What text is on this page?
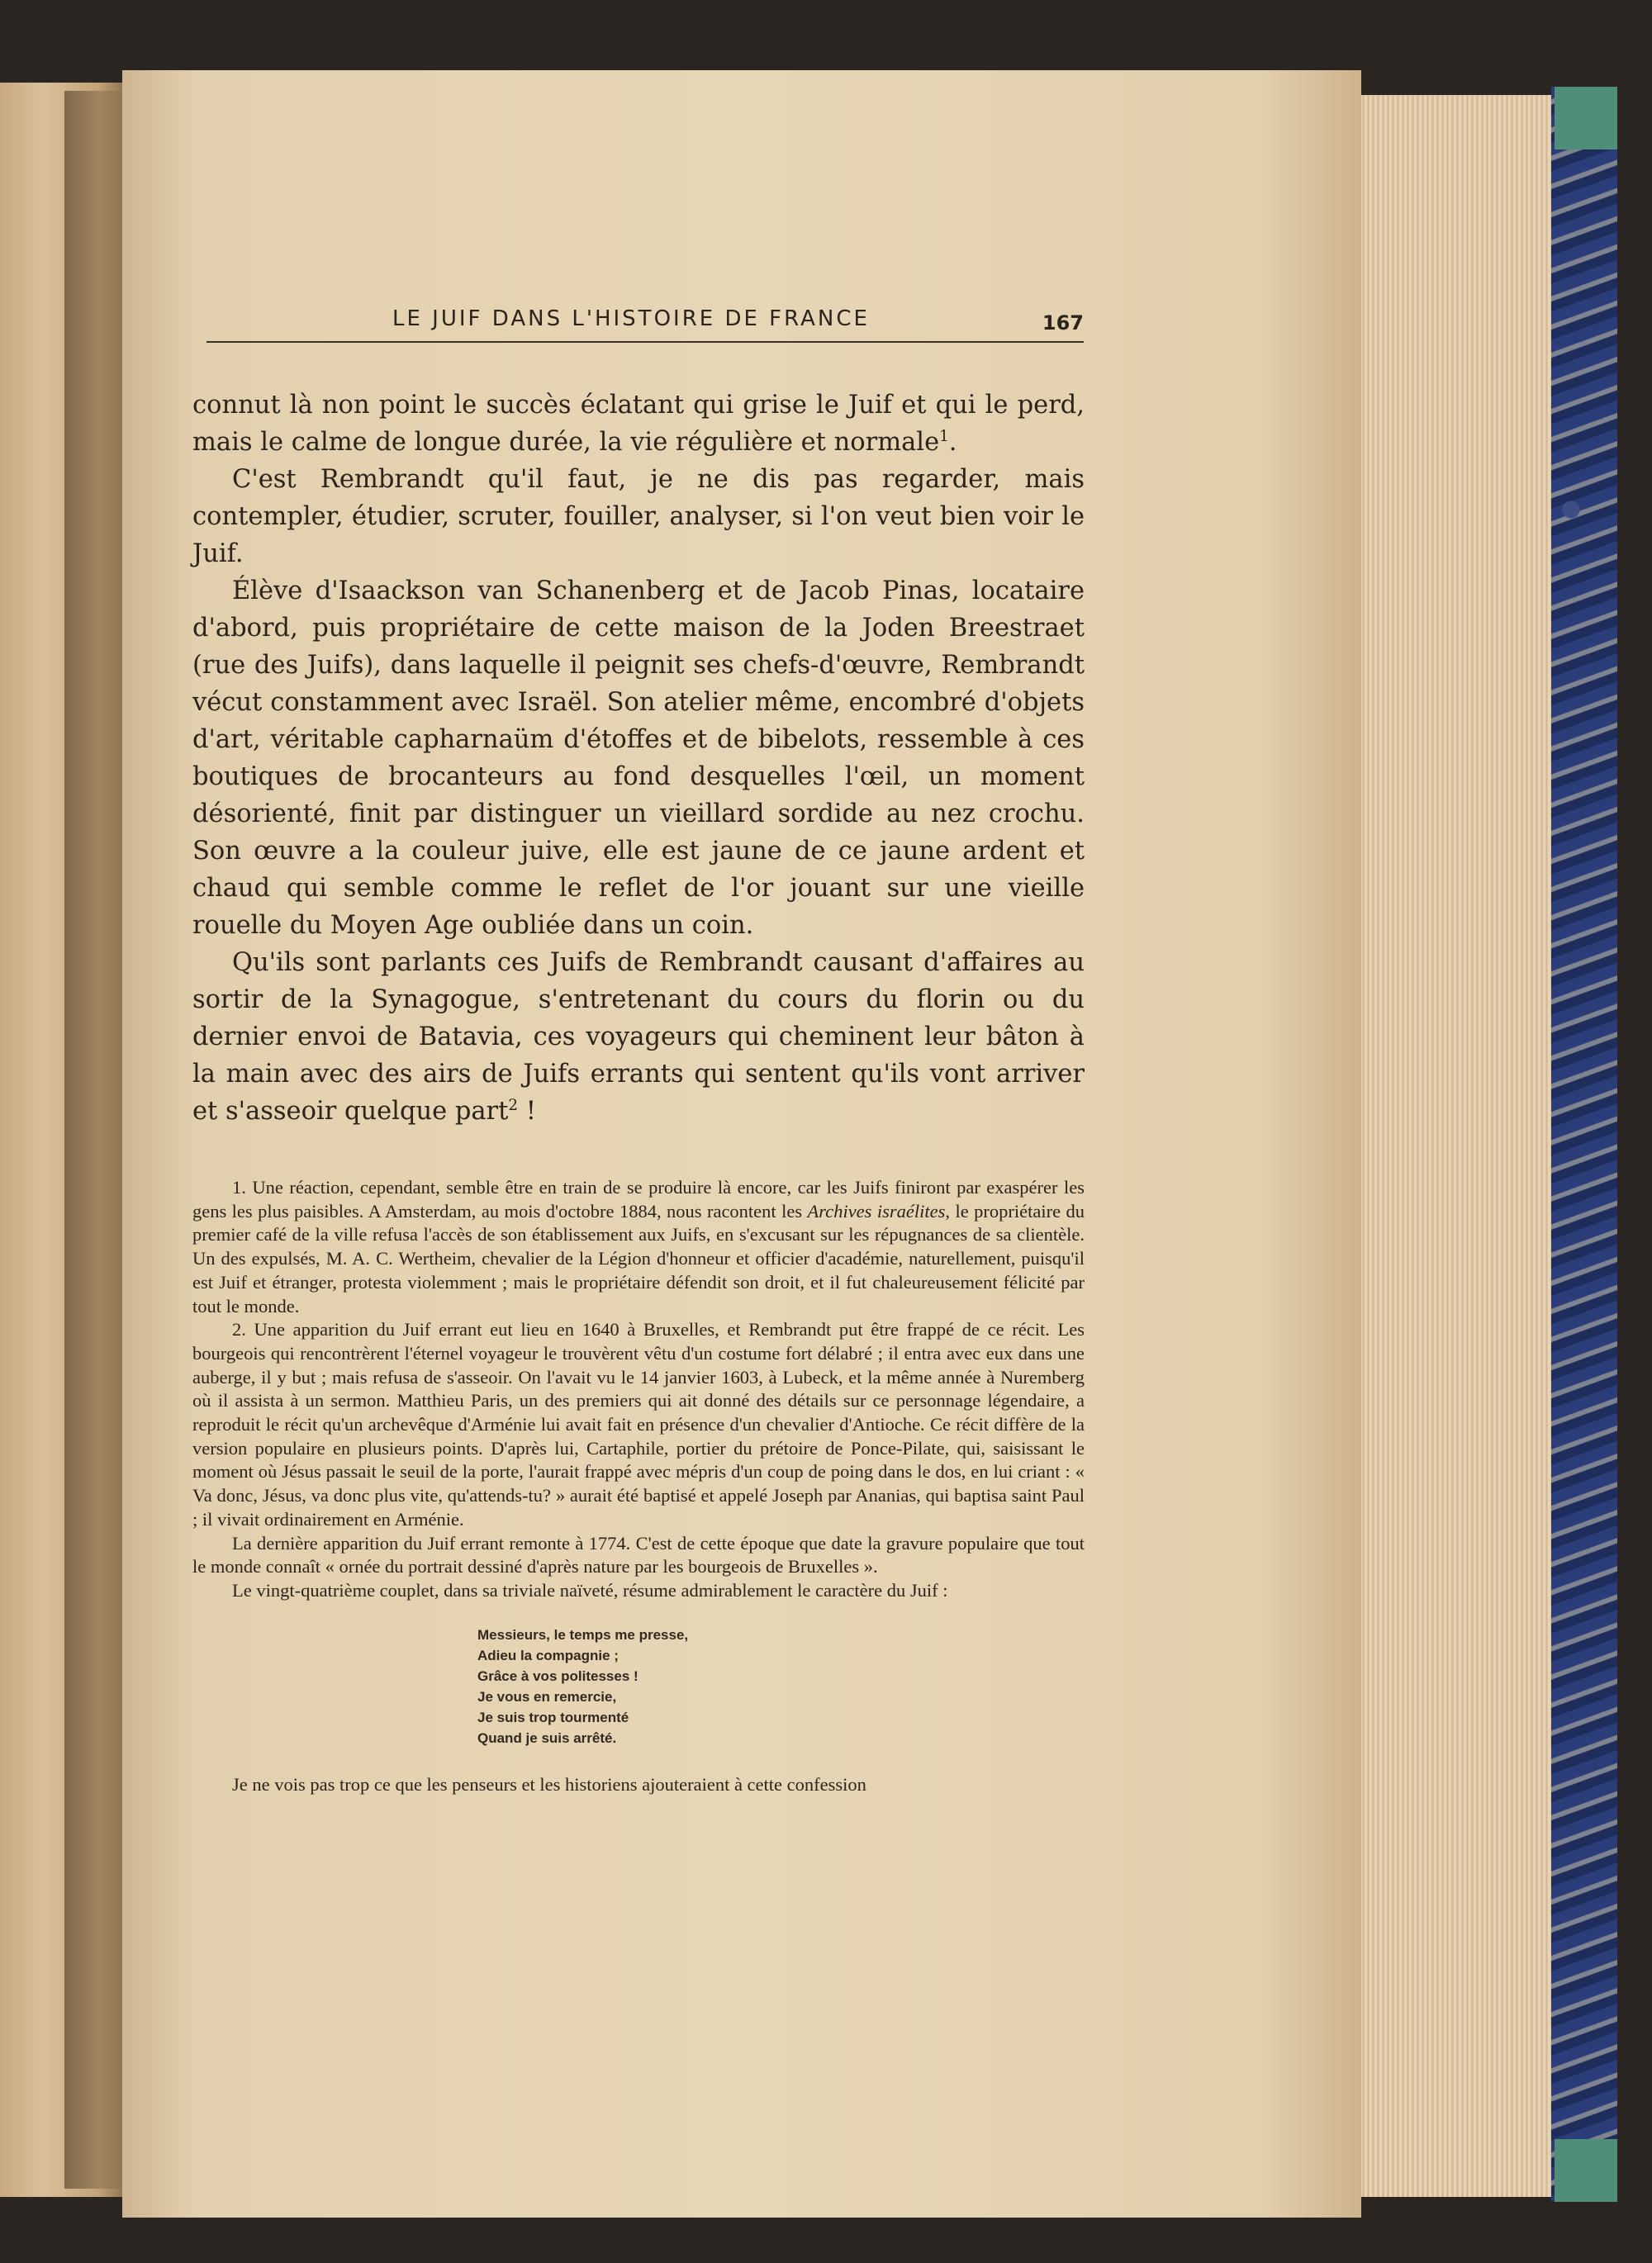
LE JUIF DANS L'HISTOIRE DE FRANCE	167

connut là non point le succès éclatant qui grise le Juif et qui le perd, mais le calme de longue durée, la vie régulière et normale$^1$.

C'est Rembrandt qu'il faut, je ne dis pas regarder, mais contempler, étudier, scruter, fouiller, analyser, si l'on veut bien voir le Juif.

Élève d'Isaackson van Schanenberg et de Jacob Pinas, locataire d'abord, puis propriétaire de cette maison de la Joden Breestraet (rue des Juifs), dans laquelle il peignit ses chefs-d'œuvre, Rembrandt vécut constamment avec Israël. Son atelier même, encombré d'objets d'art, véritable capharnaüm d'étoffes et de bibelots, ressemble à ces boutiques de brocanteurs au fond desquelles l'œil, un moment désorienté, finit par distinguer un vieillard sordide au nez crochu. Son œuvre a la couleur juive, elle est jaune de ce jaune ardent et chaud qui semble comme le reflet de l'or jouant sur une vieille rouelle du Moyen Age oubliée dans un coin.

Qu'ils sont parlants ces Juifs de Rembrandt causant d'affaires au sortir de la Synagogue, s'entretenant du cours du florin ou du dernier envoi de Batavia, ces voyageurs qui cheminent leur bâton à la main avec des airs de Juifs errants qui sentent qu'ils vont arriver et s'asseoir quelque part$^2$ !

1. Une réaction, cependant, semble être en train de se produire là encore, car les Juifs finiront par exaspérer les gens les plus paisibles. A Amsterdam, au mois d'octobre 1884, nous racontent les Archives israélites, le propriétaire du premier café de la ville refusa l'accès de son établissement aux Juifs, en s'excusant sur les répugnances de sa clientèle. Un des expulsés, M. A. C. Wertheim, chevalier de la Légion d'honneur et officier d'académie, naturellement, puisqu'il est Juif et étranger, protesta violemment ; mais le propriétaire défendit son droit, et il fut chaleureusement félicité par tout le monde.

2. Une apparition du Juif errant eut lieu en 1640 à Bruxelles, et Rembrandt put être frappé de ce récit. Les bourgeois qui rencontrèrent l'éternel voyageur le trouvèrent vêtu d'un costume fort délabré ; il entra avec eux dans une auberge, il y but ; mais refusa de s'asseoir. On l'avait vu le 14 janvier 1603, à Lubeck, et la même année à Nuremberg où il assista à un sermon. Matthieu Paris, un des premiers qui ait donné des détails sur ce personnage légendaire, a reproduit le récit qu'un archevêque d'Arménie lui avait fait en présence d'un chevalier d'Antioche. Ce récit diffère de la version populaire en plusieurs points. D'après lui, Cartaphile, portier du prétoire de Ponce-Pilate, qui, saisissant le moment où Jésus passait le seuil de la porte, l'aurait frappé avec mépris d'un coup de poing dans le dos, en lui criant : « Va donc, Jésus, va donc plus vite, qu'attends-tu? » aurait été baptisé et appelé Joseph par Ananias, qui baptisa saint Paul ; il vivait ordinairement en Arménie.

La dernière apparition du Juif errant remonte à 1774. C'est de cette époque que date la gravure populaire que tout le monde connaît « ornée du portrait dessiné d'après nature par les bourgeois de Bruxelles ».

Le vingt-quatrième couplet, dans sa triviale naïveté, résume admirablement le caractère du Juif :

Messieurs, le temps me presse,
Adieu la compagnie ;
Grâce à vos politesses !
Je vous en remercie,
Je suis trop tourmenté
Quand je suis arrêté.

Je ne vois pas trop ce que les penseurs et les historiens ajouteraient à cette confession
